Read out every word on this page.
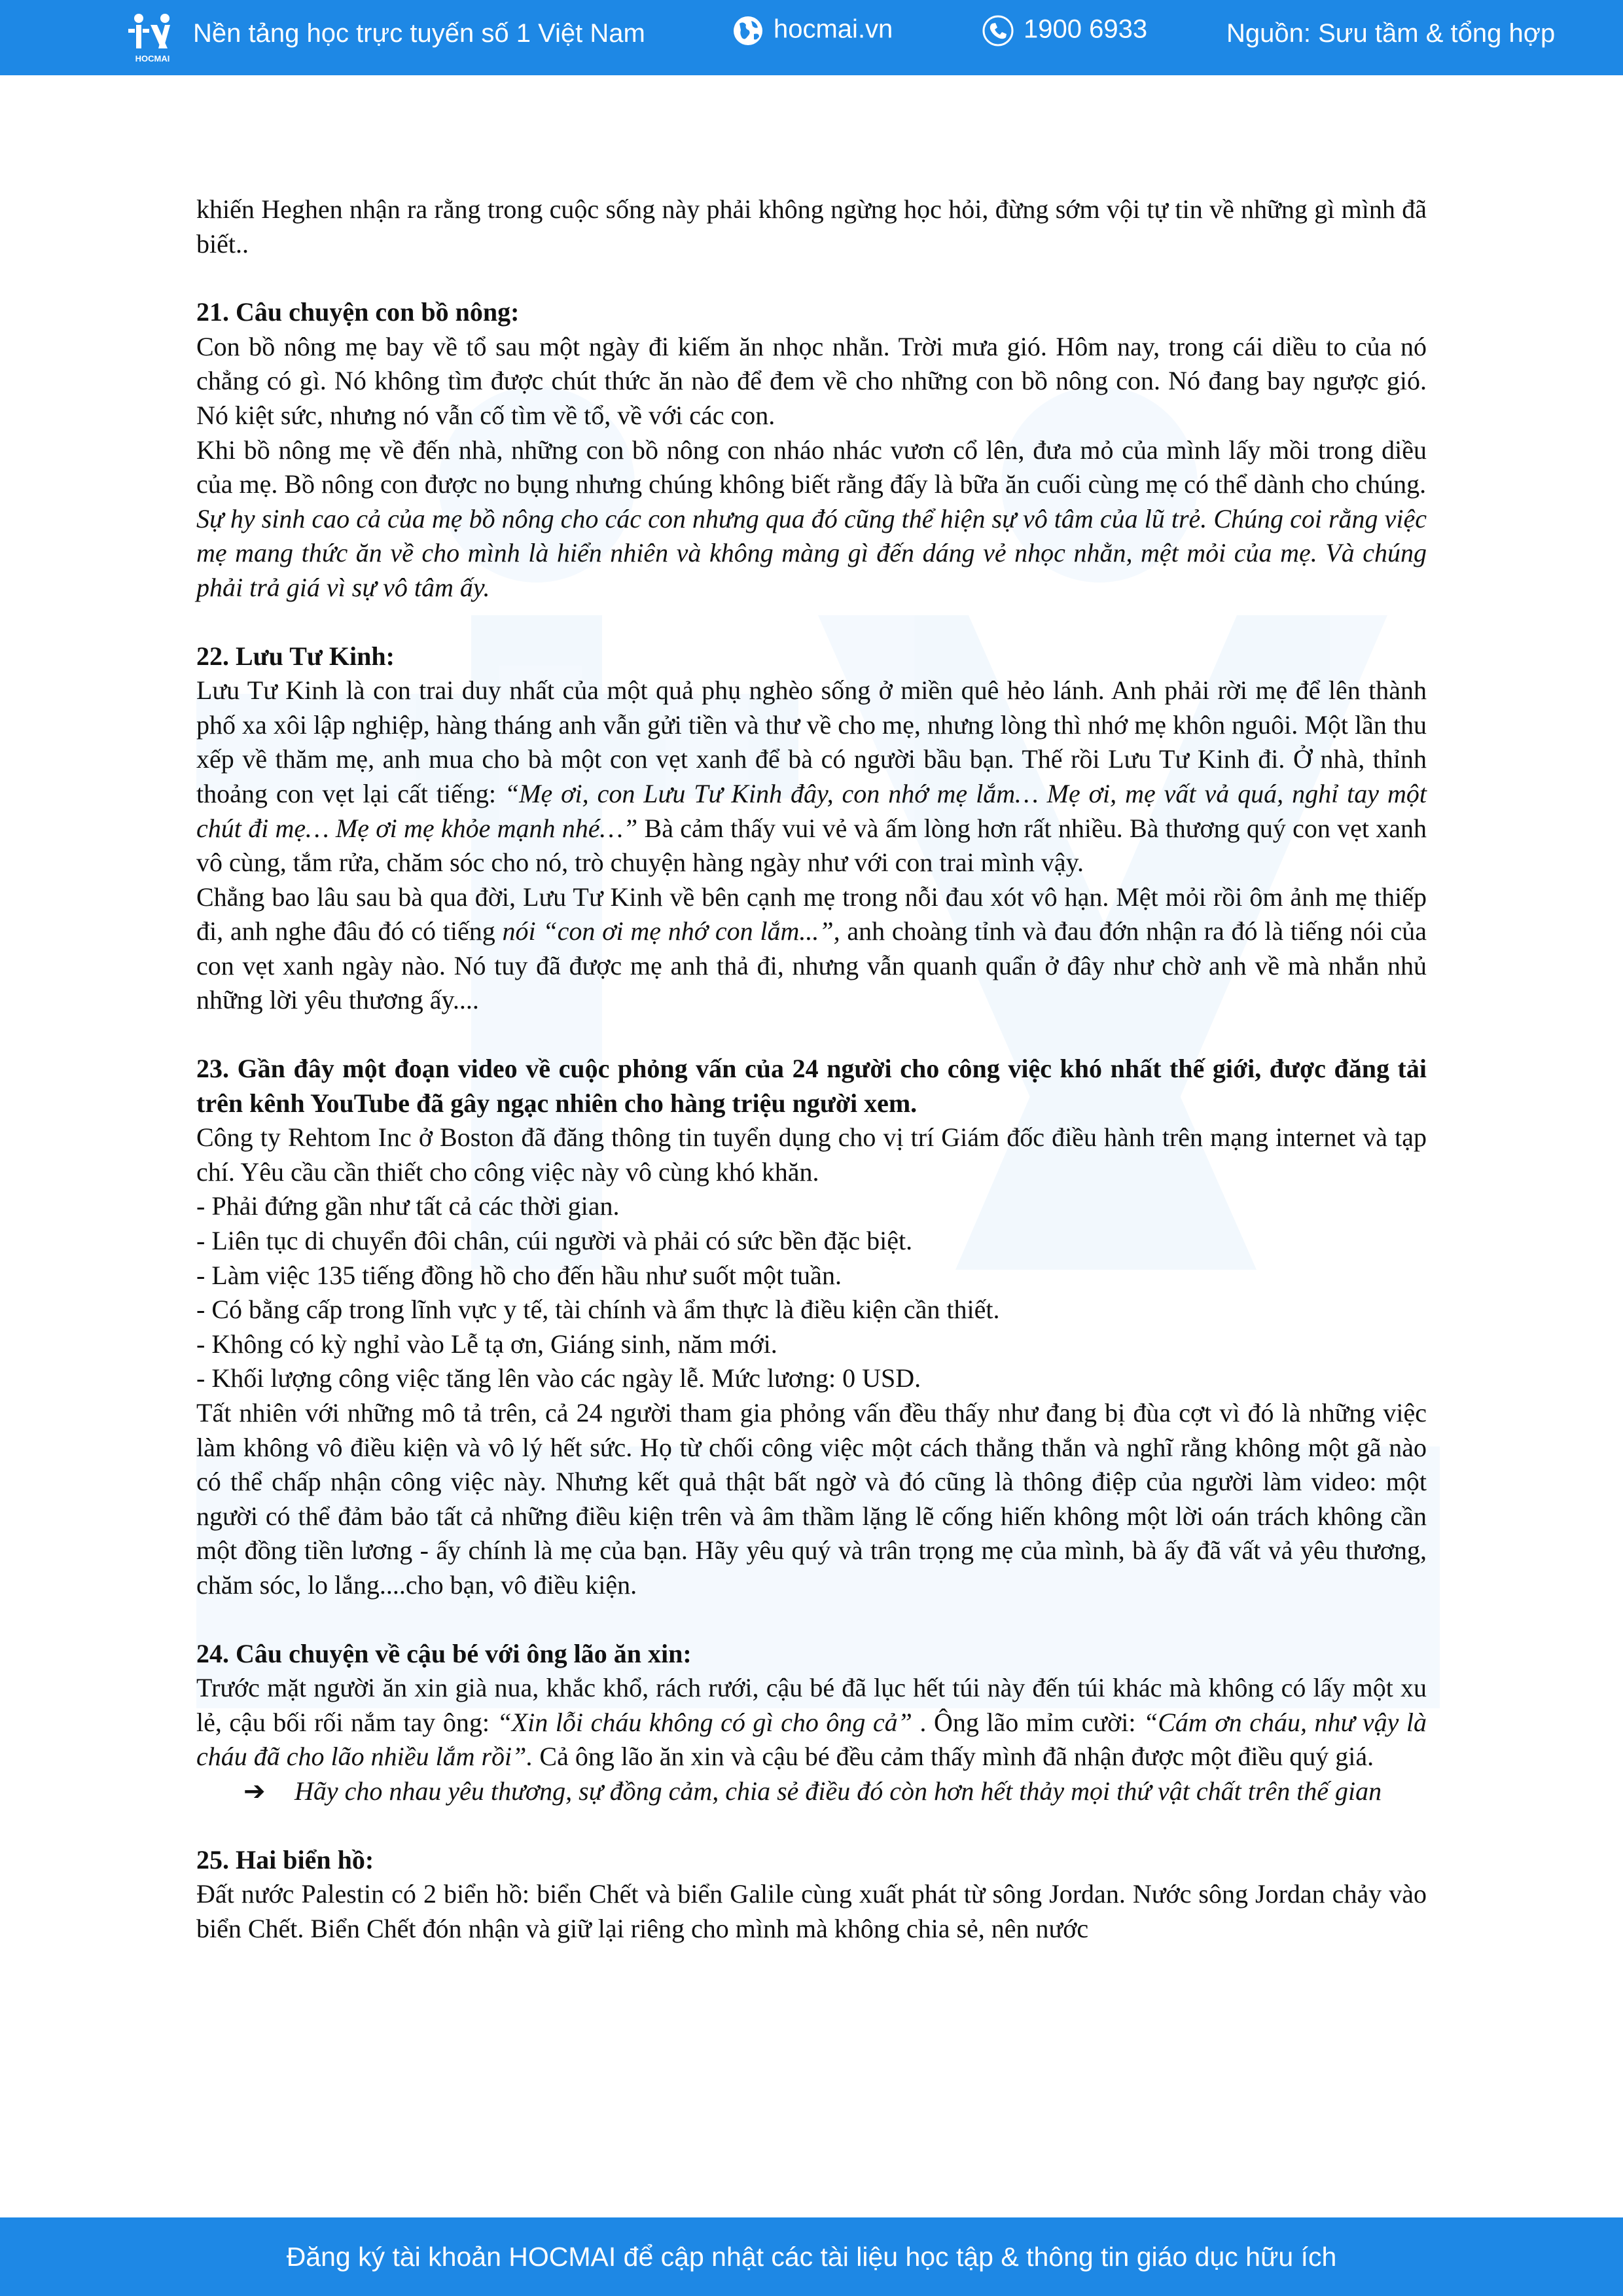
HOCMAI
Nền tảng học trực tuyến số 1 Việt Nam	hocmai.vn	1900 6933	Nguồn: Sưu tầm & tổng hợp

khiến Heghen nhận ra rằng trong cuộc sống này phải không ngừng học hỏi, đừng sớm vội tự tin về những gì mình đã biết..

21. Câu chuyện con bồ nông:

Con bồ nông mẹ bay về tổ sau một ngày đi kiếm ăn nhọc nhằn. Trời mưa gió. Hôm nay, trong cái diều to của nó chẳng có gì. Nó không tìm được chút thức ăn nào để đem về cho những con bồ nông con. Nó đang bay ngược gió. Nó kiệt sức, nhưng nó vẫn cố tìm về tổ, về với các con.

Khi bồ nông mẹ về đến nhà, những con bồ nông con nháo nhác vươn cổ lên, đưa mỏ của mình lấy mồi trong diều của mẹ. Bồ nông con được no bụng nhưng chúng không biết rằng đấy là bữa ăn cuối cùng mẹ có thể dành cho chúng.

Sự hy sinh cao cả của mẹ bồ nông cho các con nhưng qua đó cũng thể hiện sự vô tâm của lũ trẻ. Chúng coi rằng việc mẹ mang thức ăn về cho mình là hiển nhiên và không màng gì đến dáng vẻ nhọc nhằn, mệt mỏi của mẹ. Và chúng phải trả giá vì sự vô tâm ấy.

22. Lưu Tư Kinh:

Lưu Tư Kinh là con trai duy nhất của một quả phụ nghèo sống ở miền quê hẻo lánh. Anh phải rời mẹ để lên thành phố xa xôi lập nghiệp, hàng tháng anh vẫn gửi tiền và thư về cho mẹ, nhưng lòng thì nhớ mẹ khôn nguôi. Một lần thu xếp về thăm mẹ, anh mua cho bà một con vẹt xanh để bà có người bầu bạn. Thế rồi Lưu Tư Kinh đi. Ở nhà, thỉnh thoảng con vẹt lại cất tiếng: “Mẹ ơi, con Lưu Tư Kinh đây, con nhớ mẹ lắm… Mẹ ơi, mẹ vất vả quá, nghỉ tay một chút đi mẹ… Mẹ ơi mẹ khỏe mạnh nhé…” Bà cảm thấy vui vẻ và ấm lòng hơn rất nhiều. Bà thương quý con vẹt xanh vô cùng, tắm rửa, chăm sóc cho nó, trò chuyện hàng ngày như với con trai mình vậy.

Chẳng bao lâu sau bà qua đời, Lưu Tư Kinh về bên cạnh mẹ trong nỗi đau xót vô hạn. Mệt mỏi rồi ôm ảnh mẹ thiếp đi, anh nghe đâu đó có tiếng nói “con ơi mẹ nhớ con lắm...”, anh choàng tỉnh và đau đớn nhận ra đó là tiếng nói của con vẹt xanh ngày nào. Nó tuy đã được mẹ anh thả đi, nhưng vẫn quanh quẩn ở đây như chờ anh về mà nhắn nhủ những lời yêu thương ấy....

23. Gần đây một đoạn video về cuộc phỏng vấn của 24 người cho công việc khó nhất thế giới, được đăng tải trên kênh YouTube đã gây ngạc nhiên cho hàng triệu người xem.

Công ty Rehtom Inc ở Boston đã đăng thông tin tuyển dụng cho vị trí Giám đốc điều hành trên mạng internet và tạp chí. Yêu cầu cần thiết cho công việc này vô cùng khó khăn.

- Phải đứng gần như tất cả các thời gian.

- Liên tục di chuyển đôi chân, cúi người và phải có sức bền đặc biệt.

- Làm việc 135 tiếng đồng hồ cho đến hầu như suốt một tuần.

- Có bằng cấp trong lĩnh vực y tế, tài chính và ẩm thực là điều kiện cần thiết.

- Không có kỳ nghỉ vào Lễ tạ ơn, Giáng sinh, năm mới.

- Khối lượng công việc tăng lên vào các ngày lễ. Mức lương: 0 USD.

Tất nhiên với những mô tả trên, cả 24 người tham gia phỏng vấn đều thấy như đang bị đùa cợt vì đó là những việc làm không vô điều kiện và vô lý hết sức. Họ từ chối công việc một cách thẳng thắn và nghĩ rằng không một gã nào có thể chấp nhận công việc này. Nhưng kết quả thật bất ngờ và đó cũng là thông điệp của người làm video: một người có thể đảm bảo tất cả những điều kiện trên và âm thầm lặng lẽ cống hiến không một lời oán trách không cần một đồng tiền lương - ấy chính là mẹ của bạn. Hãy yêu quý và trân trọng mẹ của mình, bà ấy đã vất vả yêu thương, chăm sóc, lo lắng....cho bạn, vô điều kiện.

24. Câu chuyện về cậu bé với ông lão ăn xin:

Trước mặt người ăn xin già nua, khắc khổ, rách rưới, cậu bé đã lục hết túi này đến túi khác mà không có lấy một xu lẻ, cậu bối rối nắm tay ông: “Xin lỗi cháu không có gì cho ông cả” . Ông lão mỉm cười: “Cám ơn cháu, như vậy là cháu đã cho lão nhiều lắm rồi”. Cả ông lão ăn xin và cậu bé đều cảm thấy mình đã nhận được một điều quý giá.

➔ Hãy cho nhau yêu thương, sự đồng cảm, chia sẻ điều đó còn hơn hết thảy mọi thứ vật chất trên thế gian

25. Hai biển hồ:

Đất nước Palestin có 2 biển hồ: biển Chết và biển Galile cùng xuất phát từ sông Jordan. Nước sông Jordan chảy vào biển Chết. Biển Chết đón nhận và giữ lại riêng cho mình mà không chia sẻ, nên nước

Đăng ký tài khoản HOCMAI để cập nhật các tài liệu học tập & thông tin giáo dục hữu ích
